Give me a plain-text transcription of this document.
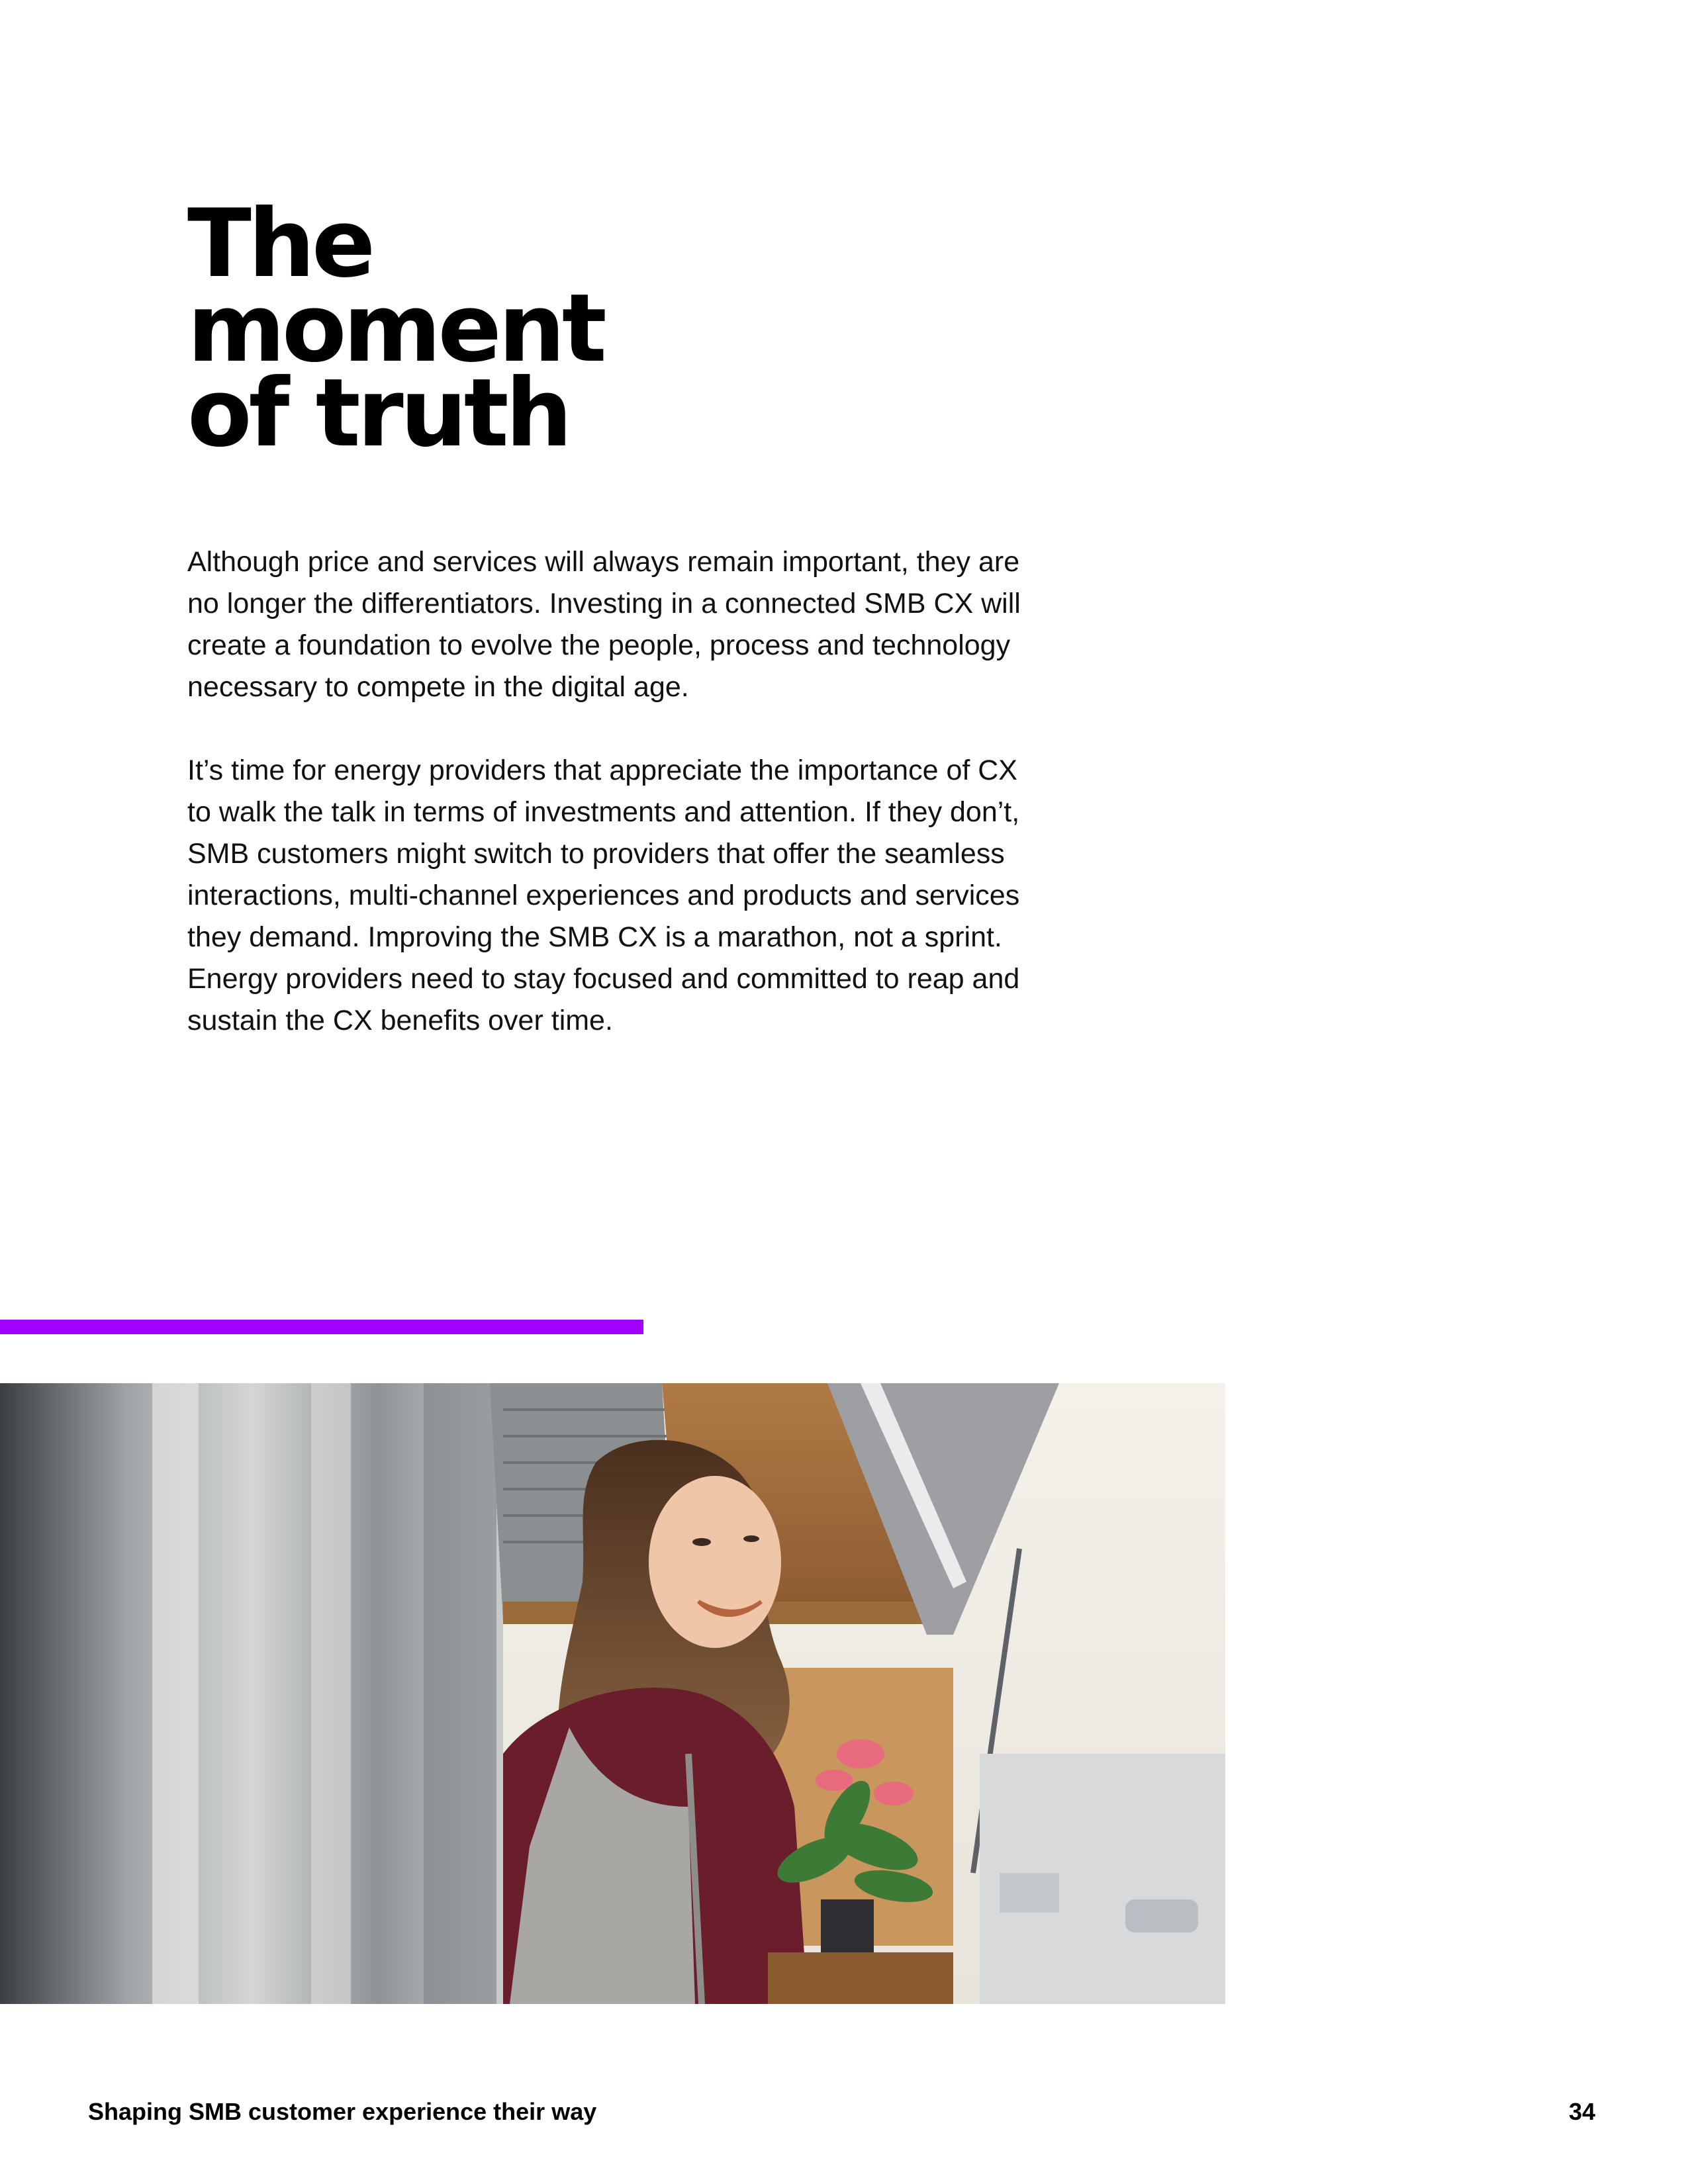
The
moment
of truth

Although price and services will always remain important, they are no longer the differentiators. Investing in a connected SMB CX will create a foundation to evolve the people, process and technology necessary to compete in the digital age.

It’s time for energy providers that appreciate the importance of CX to walk the talk in terms of investments and attention. If they don’t, SMB customers might switch to providers that offer the seamless interactions, multi-channel experiences and products and services they demand. Improving the SMB CX is a marathon, not a sprint. Energy providers need to stay focused and committed to reap and sustain the CX benefits over time.

Shaping SMB customer experience their way	34
